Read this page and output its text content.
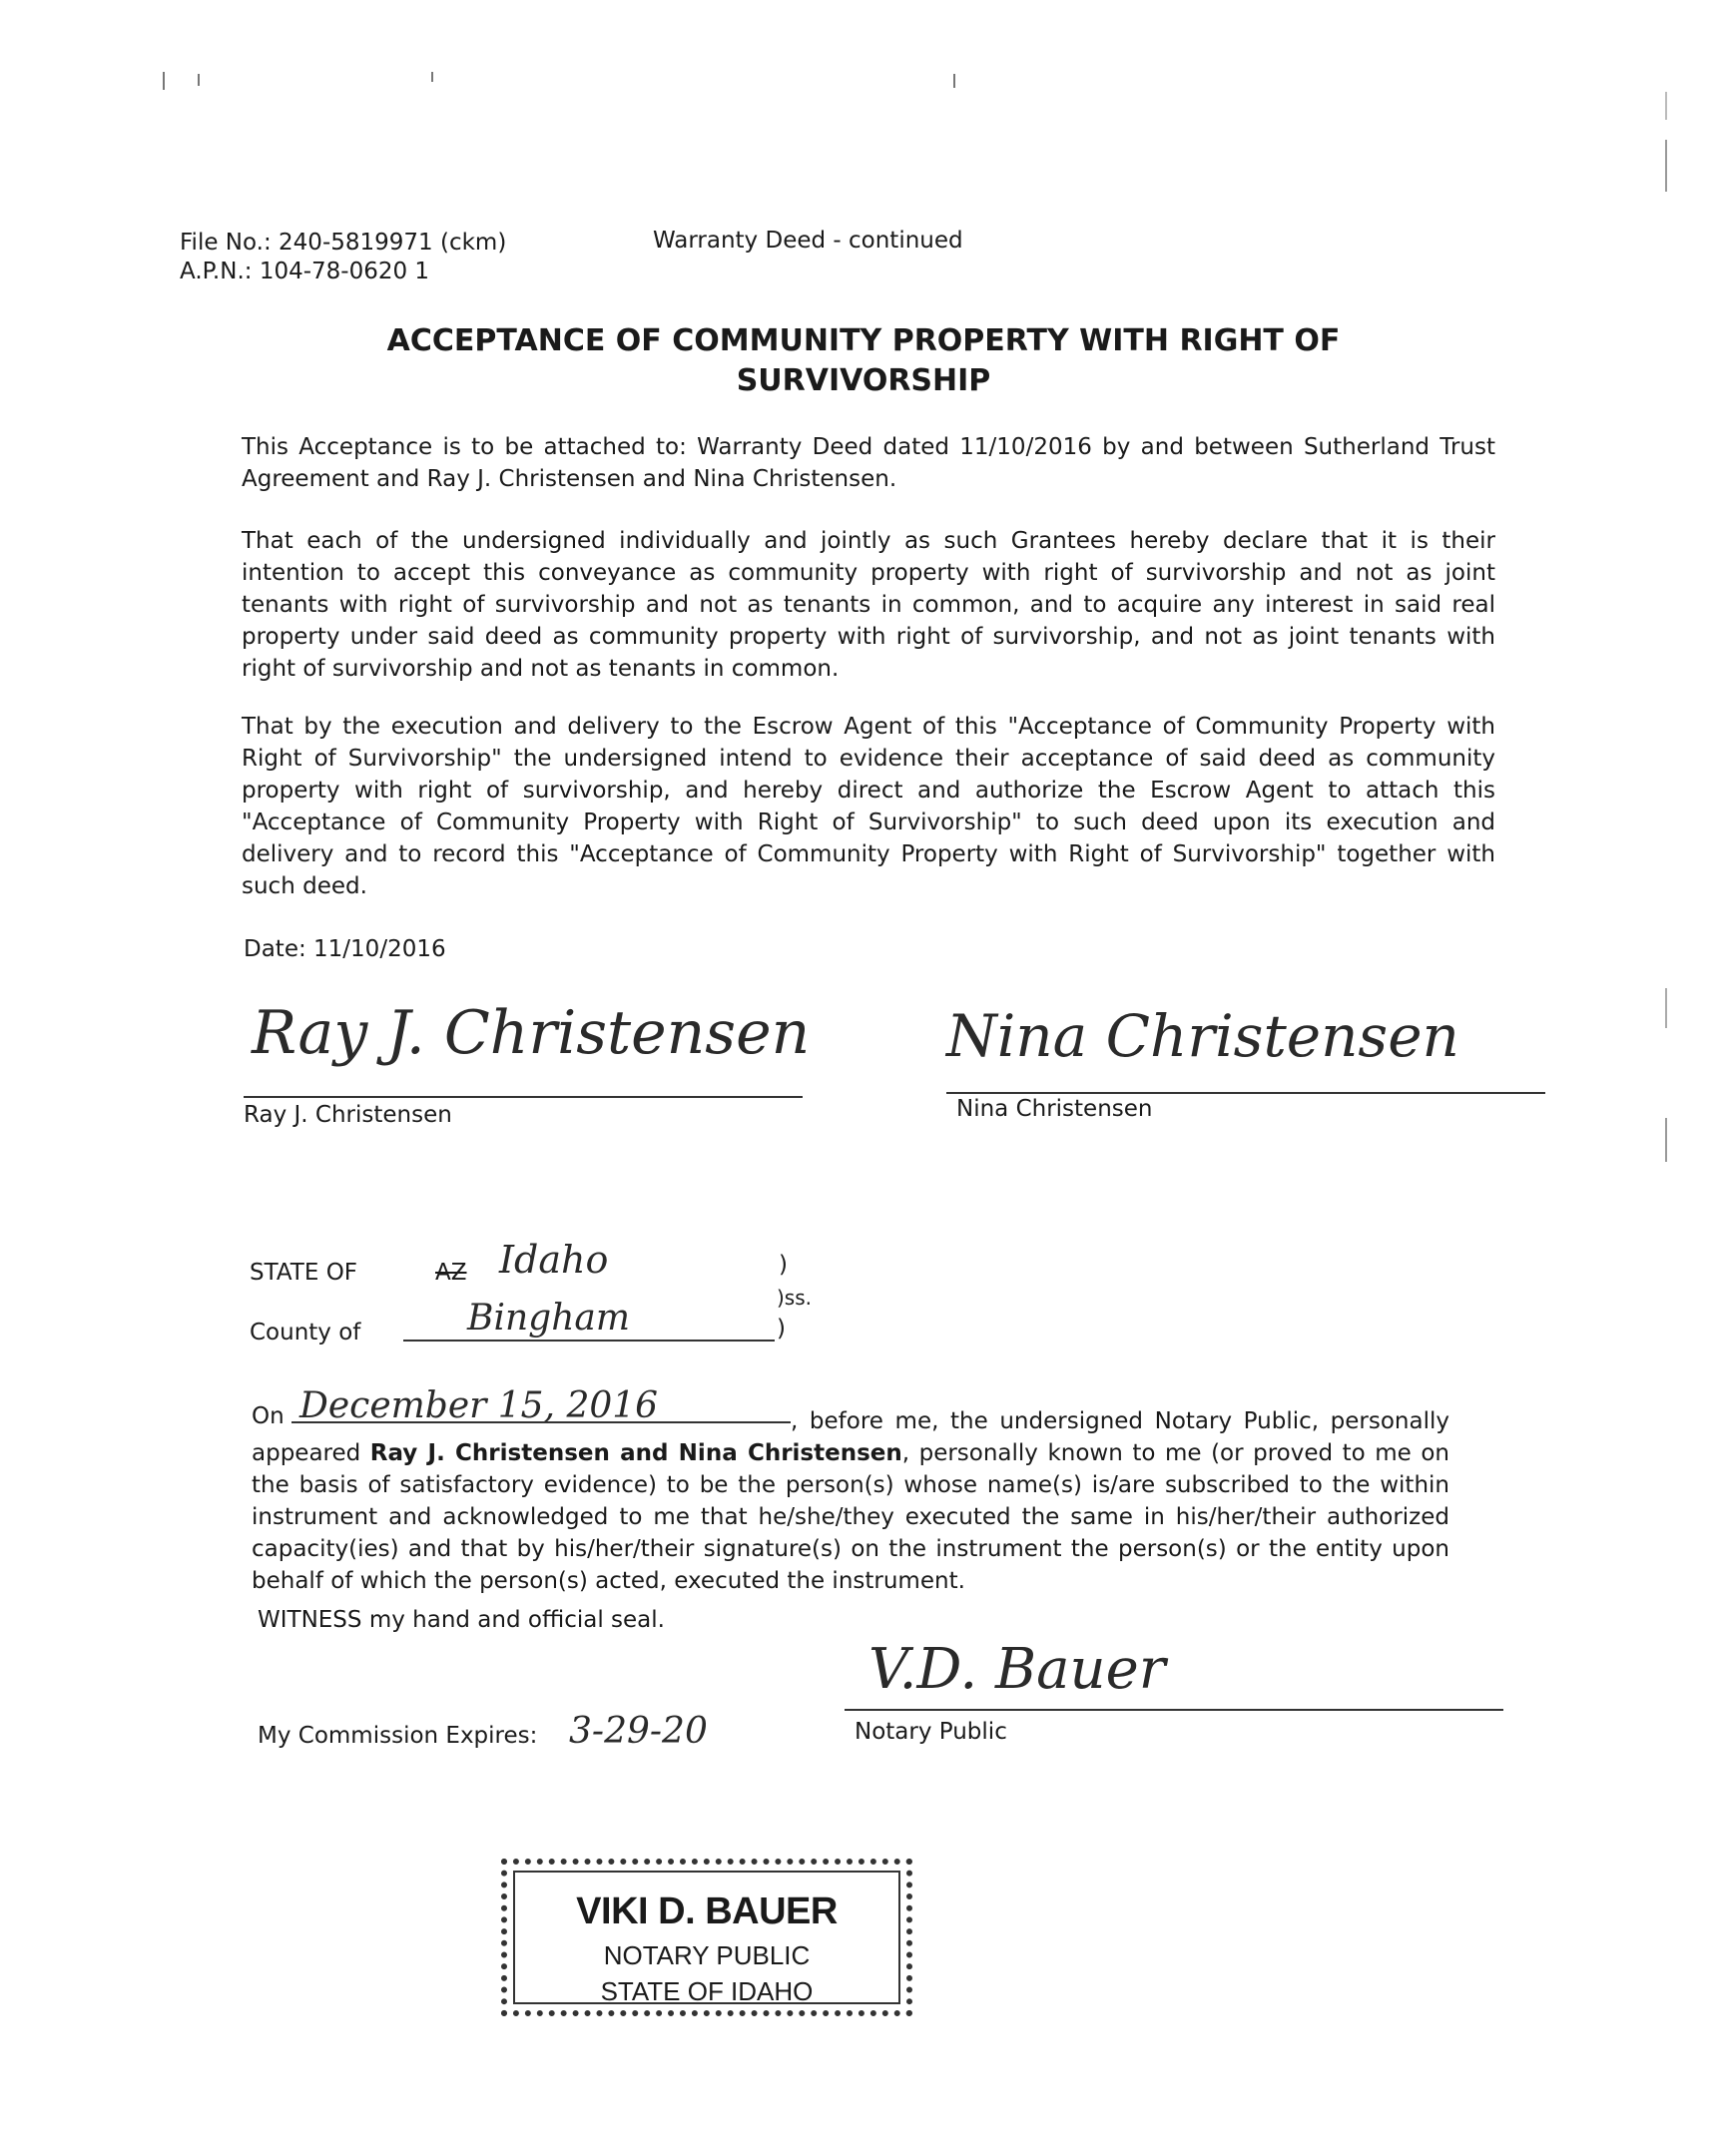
File No.: 240-5819971 (ckm)
A.P.N.: 104-78-0620 1
Warranty Deed - continued
ACCEPTANCE OF COMMUNITY PROPERTY WITH RIGHT OF
SURVIVORSHIP

This Acceptance is to be attached to: Warranty Deed dated 11/10/2016 by and between Sutherland Trust Agreement and Ray J. Christensen and Nina Christensen.

That each of the undersigned individually and jointly as such Grantees hereby declare that it is their intention to accept this conveyance as community property with right of survivorship and not as joint tenants with right of survivorship and not as tenants in common, and to acquire any interest in said real property under said deed as community property with right of survivorship, and not as joint tenants with right of survivorship and not as tenants in common.

That by the execution and delivery to the Escrow Agent of this "Acceptance of Community Property with Right of Survivorship" the undersigned intend to evidence their acceptance of said deed as community property with right of survivorship, and hereby direct and authorize the Escrow Agent to attach this "Acceptance of Community Property with Right of Survivorship" to such deed upon its execution and delivery and to record this "Acceptance of Community Property with Right of Survivorship" together with such deed.

Date: 11/10/2016
Ray J. Christensen
Ray J. Christensen
Nina Christensen
Nina Christensen
STATE OF	AZ Idaho	)
)ss.
County of	Bingham	)
On December 15, 2016	, before me, the undersigned Notary Public, personally appeared Ray J. Christensen and Nina Christensen, personally known to me (or proved to me on the basis of satisfactory evidence) to be the person(s) whose name(s) is/are subscribed to the within instrument and acknowledged to me that he/she/they executed the same in his/her/their authorized capacity(ies) and that by his/her/their signature(s) on the instrument the person(s) or the entity upon behalf of which the person(s) acted, executed the instrument.

WITNESS my hand and official seal.
V.D. Bauer
Notary Public
My Commission Expires: 3-29-20
VIKI D. BAUER
NOTARY PUBLIC
STATE OF IDAHO
